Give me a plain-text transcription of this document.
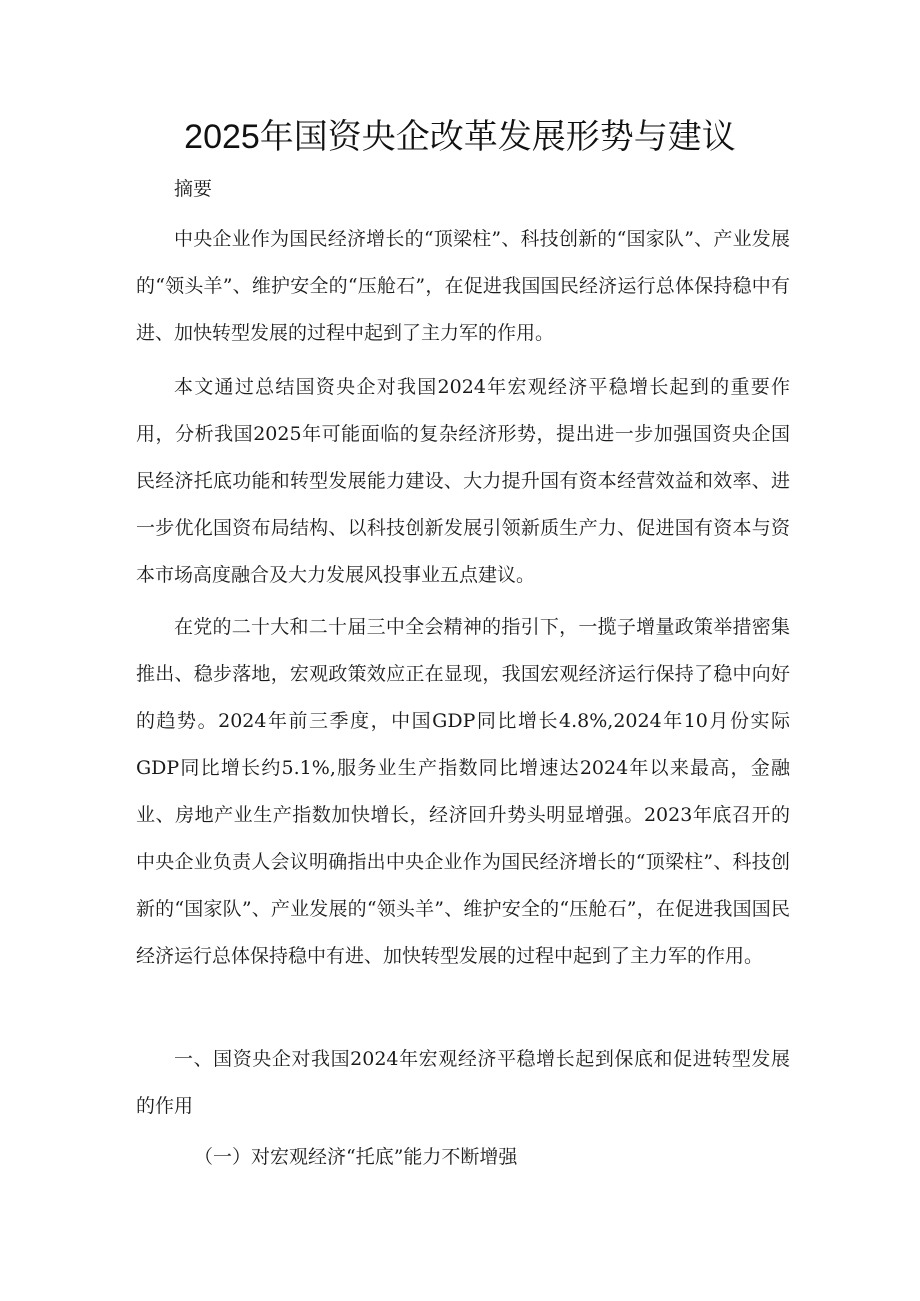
2025年国资央企改革发展形势与建议

摘要

中央企业作为国民经济增长的“顶梁柱”、科技创新的“国家队”、产业发展的“领头羊”、维护安全的“压舱石”，在促进我国国民经济运行总体保持稳中有进、加快转型发展的过程中起到了主力军的作用。

本文通过总结国资央企对我国2024年宏观经济平稳增长起到的重要作用，分析我国2025年可能面临的复杂经济形势，提出进一步加强国资央企国民经济托底功能和转型发展能力建设、大力提升国有资本经营效益和效率、进一步优化国资布局结构、以科技创新发展引领新质生产力、促进国有资本与资本市场高度融合及大力发展风投事业五点建议。

在党的二十大和二十届三中全会精神的指引下，一揽子增量政策举措密集推出、稳步落地，宏观政策效应正在显现，我国宏观经济运行保持了稳中向好的趋势。2024年前三季度，中国GDP同比增长4.8%,2024年10月份实际GDP同比增长约5.1%,服务业生产指数同比增速达2024年以来最高，金融业、房地产业生产指数加快增长，经济回升势头明显增强。2023年底召开的中央企业负责人会议明确指出中央企业作为国民经济增长的“顶梁柱”、科技创新的“国家队”、产业发展的“领头羊”、维护安全的“压舱石”，在促进我国国民经济运行总体保持稳中有进、加快转型发展的过程中起到了主力军的作用。

一、国资央企对我国2024年宏观经济平稳增长起到保底和促进转型发展的作用

（一）对宏观经济“托底”能力不断增强
